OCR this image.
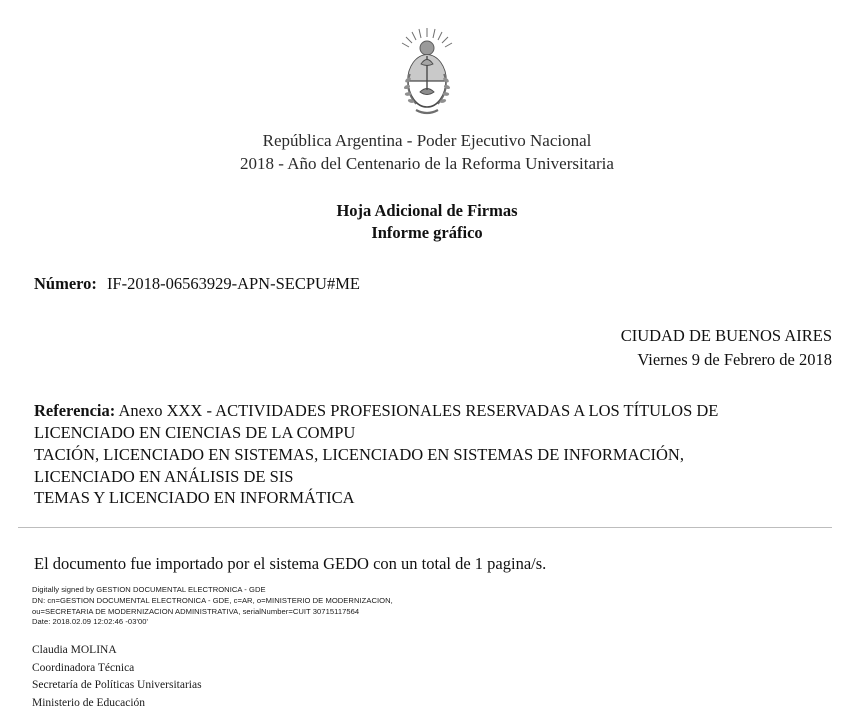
República Argentina - Poder Ejecutivo Nacional
2018 - Año del Centenario de la Reforma Universitaria
Hoja Adicional de Firmas
Informe gráfico
Número: IF-2018-06563929-APN-SECPU#ME
CIUDAD DE BUENOS AIRES
Viernes 9 de Febrero de 2018
Referencia: Anexo XXX - ACTIVIDADES PROFESIONALES RESERVADAS A LOS TÍTULOS DE
LICENCIADO EN CIENCIAS DE LA COMPU
TACIÓN, LICENCIADO EN SISTEMAS, LICENCIADO EN SISTEMAS DE INFORMACIÓN,
LICENCIADO EN ANÁLISIS DE SIS
TEMAS Y LICENCIADO EN INFORMÁTICA
El documento fue importado por el sistema GEDO con un total de 1 pagina/s.
Digitally signed by GESTION DOCUMENTAL ELECTRONICA - GDE
DN: cn=GESTION DOCUMENTAL ELECTRONICA - GDE, c=AR, o=MINISTERIO DE MODERNIZACION,
ou=SECRETARIA DE MODERNIZACION ADMINISTRATIVA, serialNumber=CUIT 30715117564
Date: 2018.02.09 12:02:46 -03'00'
Claudia MOLINA
Coordinadora Técnica
Secretaría de Políticas Universitarias
Ministerio de Educación
